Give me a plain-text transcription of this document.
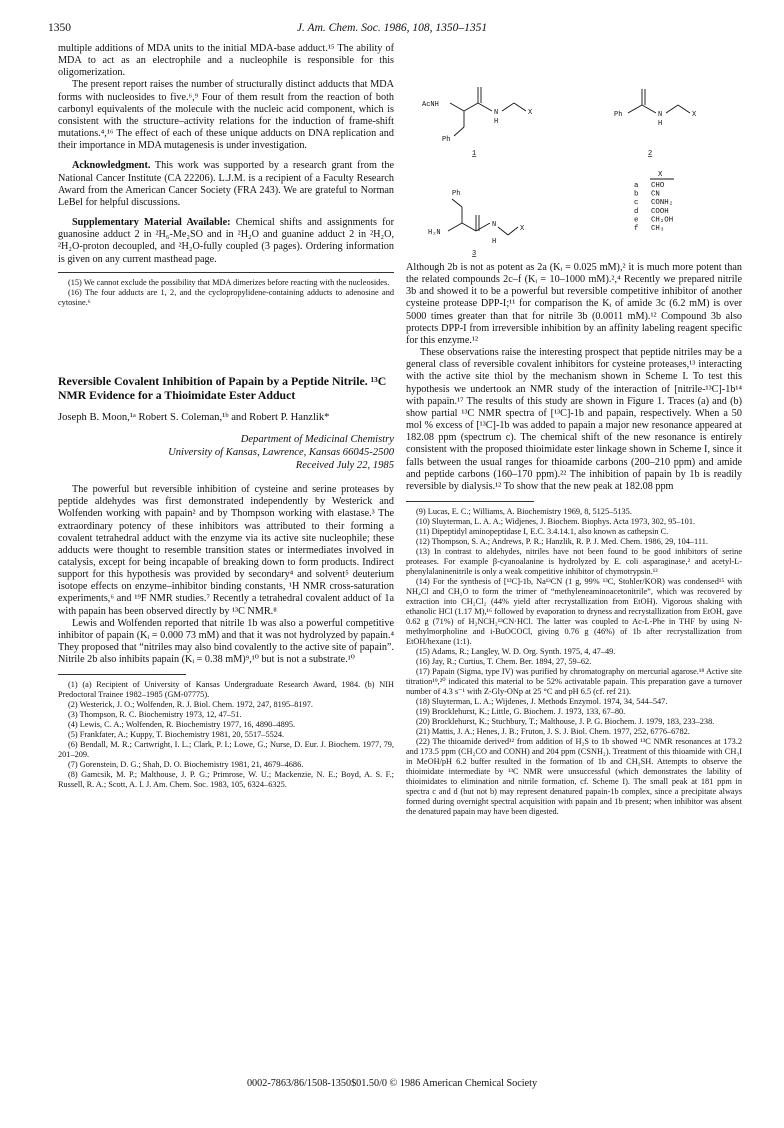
1350	J. Am. Chem. Soc. 1986, 108, 1350–1351

multiple additions of MDA units to the initial MDA-base adduct.¹⁵ The ability of MDA to act as an electrophile and a nucleophile is responsible for this oligomerization.

The present report raises the number of structurally distinct adducts that MDA forms with nucleosides to five.⁶,⁹ Four of them result from the reaction of both carbonyl equivalents of the molecule with the nucleic acid component, which is consistent with the structure–activity relations for the induction of frame-shift mutations.⁴,¹⁶ The effect of each of these unique adducts on DNA replication and their importance in MDA mutagenesis is under investigation.

Acknowledgment. This work was supported by a research grant from the National Cancer Institute (CA 22206). L.J.M. is a recipient of a Faculty Research Award from the American Cancer Society (FRA 243). We are grateful to Norman LeBel for helpful discussions.

Supplementary Material Available: Chemical shifts and assignments for guanosine adduct 2 in ²H₆-Me₂SO and in ²H₂O and guanine adduct 2 in ²H₂O, ²H₂O-proton decoupled, and ²H₂O-fully coupled (3 pages). Ordering information is given on any current masthead page.

(15) We cannot exclude the possibility that MDA dimerizes before reacting with the nucleosides.

(16) The four adducts are 1, 2, and the cyclopropylidene-containing adducts to adenosine and cytosine.⁶

Reversible Covalent Inhibition of Papain by a Peptide Nitrile. ¹³C NMR Evidence for a Thioimidate Ester Adduct

Joseph B. Moon,¹ᵃ Robert S. Coleman,¹ᵇ and Robert P. Hanzlik*

Department of Medicinal Chemistry

University of Kansas, Lawrence, Kansas 66045-2500

Received July 22, 1985

The powerful but reversible inhibition of cysteine and serine proteases by peptide aldehydes was first demonstrated independently by Westerick and Wolfenden working with papain² and by Thompson working with elastase.³ The extraordinary potency of these inhibitors was attributed to their forming a covalent tetrahedral adduct with the enzyme via its active site nucleophile; these adducts were thought to resemble transition states or intermediates involved in catalysis, except for being incapable of breaking down to form products. Indirect support for this hypothesis was provided by secondary⁴ and solvent⁵ deuterium isotope effects on enzyme–inhibitor binding constants, ¹H NMR cross-saturation experiments,⁶ and ¹⁹F NMR studies.⁷ Recently a tetrahedral covalent adduct of 1a with papain has been observed directly by ¹³C NMR.⁸

Lewis and Wolfenden reported that nitrile 1b was also a powerful competitive inhibitor of papain (Kᵢ = 0.000 73 mM) and that it was not hydrolyzed by papain.⁴ They proposed that “nitriles may also bind covalently to the active site of papain”. Nitrile 2b also inhibits papain (Kᵢ = 0.38 mM)⁹,¹⁰ but is not a substrate.¹⁰

(1) (a) Recipient of University of Kansas Undergraduate Research Award, 1984. (b) NIH Predoctoral Trainee 1982–1985 (GM-07775).

(2) Westerick, J. O.; Wolfenden, R. J. Biol. Chem. 1972, 247, 8195–8197.

(3) Thompson, R. C. Biochemistry 1973, 12, 47–51.

(4) Lewis, C. A.; Wolfenden, R. Biochemistry 1977, 16, 4890–4895.

(5) Frankfater, A.; Kuppy, T. Biochemistry 1981, 20, 5517–5524.

(6) Bendall, M. R.; Cartwright, I. L.; Clark, P. I.; Lowe, G.; Nurse, D. Eur. J. Biochem. 1977, 79, 201–209.

(7) Gorenstein, D. G.; Shah, D. O. Biochemistry 1981, 21, 4679–4686.

(8) Gamcsik, M. P.; Malthouse, J. P. G.; Primrose, W. U.; Mackenzie, N. E.; Boyd, A. S. F.; Russell, R. A.; Scott, A. I. J. Am. Chem. Soc. 1983, 105, 6324–6325.

AcNH
N
H
X
Ph
1
Ph	N
H
X
2
Ph
H₂N
N
H
X
3
X
a CHO
b CN
c CONH₂
d COOH
e CH₂OH
f CH₃

Although 2b is not as potent as 2a (Kᵢ = 0.025 mM),² it is much more potent than the related compounds 2c–f (Kᵢ = 10–1000 mM).²,⁴ Recently we prepared nitrile 3b and showed it to be a powerful but reversible competitive inhibitor of another cysteine protease DPP-I;¹¹ for comparison the Kᵢ of amide 3c (6.2 mM) is over 5000 times greater than that for nitrile 3b (0.0011 mM).¹² Compound 3b also protects DPP-I from irreversible inhibition by an affinity labeling reagent specific for this enzyme.¹²

These observations raise the interesting prospect that peptide nitriles may be a general class of reversible covalent inhibitors for cysteine proteases,¹³ interacting with the active site thiol by the mechanism shown in Scheme I. To test this hypothesis we undertook an NMR study of the interaction of [nitrile-¹³C]-1b¹⁴ with papain.¹⁷ The results of this study are shown in Figure 1. Traces (a) and (b) show partial ¹³C NMR spectra of [¹³C]-1b and papain, respectively. When a 50 mol % excess of [¹³C]-1b was added to papain a major new resonance appeared at 182.08 ppm (spectrum c). The chemical shift of the new resonance is entirely consistent with the proposed thioimidate ester linkage shown in Scheme I, since it falls between the usual ranges for thioamide carbons (200–210 ppm) and amide and peptide carbons (160–170 ppm).²² The inhibition of papain by 1b is readily reversible by dialysis.¹² To show that the new peak at 182.08 ppm

(9) Lucas, E. C.; Williams, A. Biochemistry 1969, 8, 5125–5135.

(10) Sluyterman, L. A. A.; Widjenes, J. Biochem. Biophys. Acta 1973, 302, 95–101.

(11) Dipeptidyl aminopeptidase I, E.C. 3.4.14.1, also known as cathepsin C.

(12) Thompson, S. A.; Andrews, P. R.; Hanzlik, R. P. J. Med. Chem. 1986, 29, 104–111.

(13) In contrast to aldehydes, nitriles have not been found to be good inhibitors of serine proteases. For example β-cyanoalanine is hydrolyzed by E. coli asparaginase,² and acetyl-L-phenylalaninenitrile is only a weak competitive inhibitor of chymotrypsin.¹²

(14) For the synthesis of [¹³C]-1b, Na¹³CN (1 g, 99% ¹³C, Stohler/KOR) was condensed¹⁵ with NH₄Cl and CH₂O to form the trimer of “methyleneaminoacetonitrile”, which was recovered by extraction into CH₂Cl₂ (44% yield after recrystallization from EtOH). Vigorous shaking with ethanolic HCl (1.17 M),¹⁶ followed by evaporation to dryness and recrystallization from EtOH, gave 0.62 g (71%) of H₂NCH₂¹³CN·HCl. The latter was coupled to Ac-L-Phe in THF by using N-methylmorpholine and i-BuOCOCl, giving 0.76 g (46%) of 1b after recrystallization from EtOH/hexane (1:1).

(15) Adams, R.; Langley, W. D. Org. Synth. 1975, 4, 47–49.

(16) Jay, R.; Curtius, T. Chem. Ber. 1894, 27, 59–62.

(17) Papain (Sigma, type IV) was purified by chromatography on mercurial agarose.¹⁸ Active site titration¹⁹,²⁰ indicated this material to be 52% activatable papain. This preparation gave a turnover number of 4.3 s⁻¹ with Z-Gly-ONp at 25 °C and pH 6.5 (cf. ref 21).

(18) Sluyterman, L. A.; Wijdenes, J. Methods Enzymol. 1974, 34, 544–547.

(19) Brocklehurst, K.; Little, G. Biochem. J. 1973, 133, 67–80.

(20) Brocklehurst, K.; Stuchbury, T.; Malthouse, J. P. G. Biochem. J. 1979, 183, 233–238.

(21) Mattis, J. A.; Henes, J. B.; Fruton, J. S. J. Biol. Chem. 1977, 252, 6776–6782.

(22) The thioamide derived¹² from addition of H₂S to 1b showed ¹³C NMR resonances at 173.2 and 173.5 ppm (CH₂CO and CONH) and 204 ppm (CSNH₂). Treatment of this thioamide with CH₃I in MeOH/pH 6.2 buffer resulted in the formation of 1b and CH₃SH. Attempts to observe the thioimidate intermediate by ¹³C NMR were unsuccessful (which demonstrates the lability of thioimidates to elimination and nitrile formation, cf. Scheme I). The small peak at 181 ppm in spectra c and d (but not b) may represent denatured papain-1b complex, since a precipitate always formed during overnight spectral acquisition with papain and 1b present; when inhibitor was absent the denatured papain may have been digested.

0002-7863/86/1508-1350$01.50/0 © 1986 American Chemical Society
